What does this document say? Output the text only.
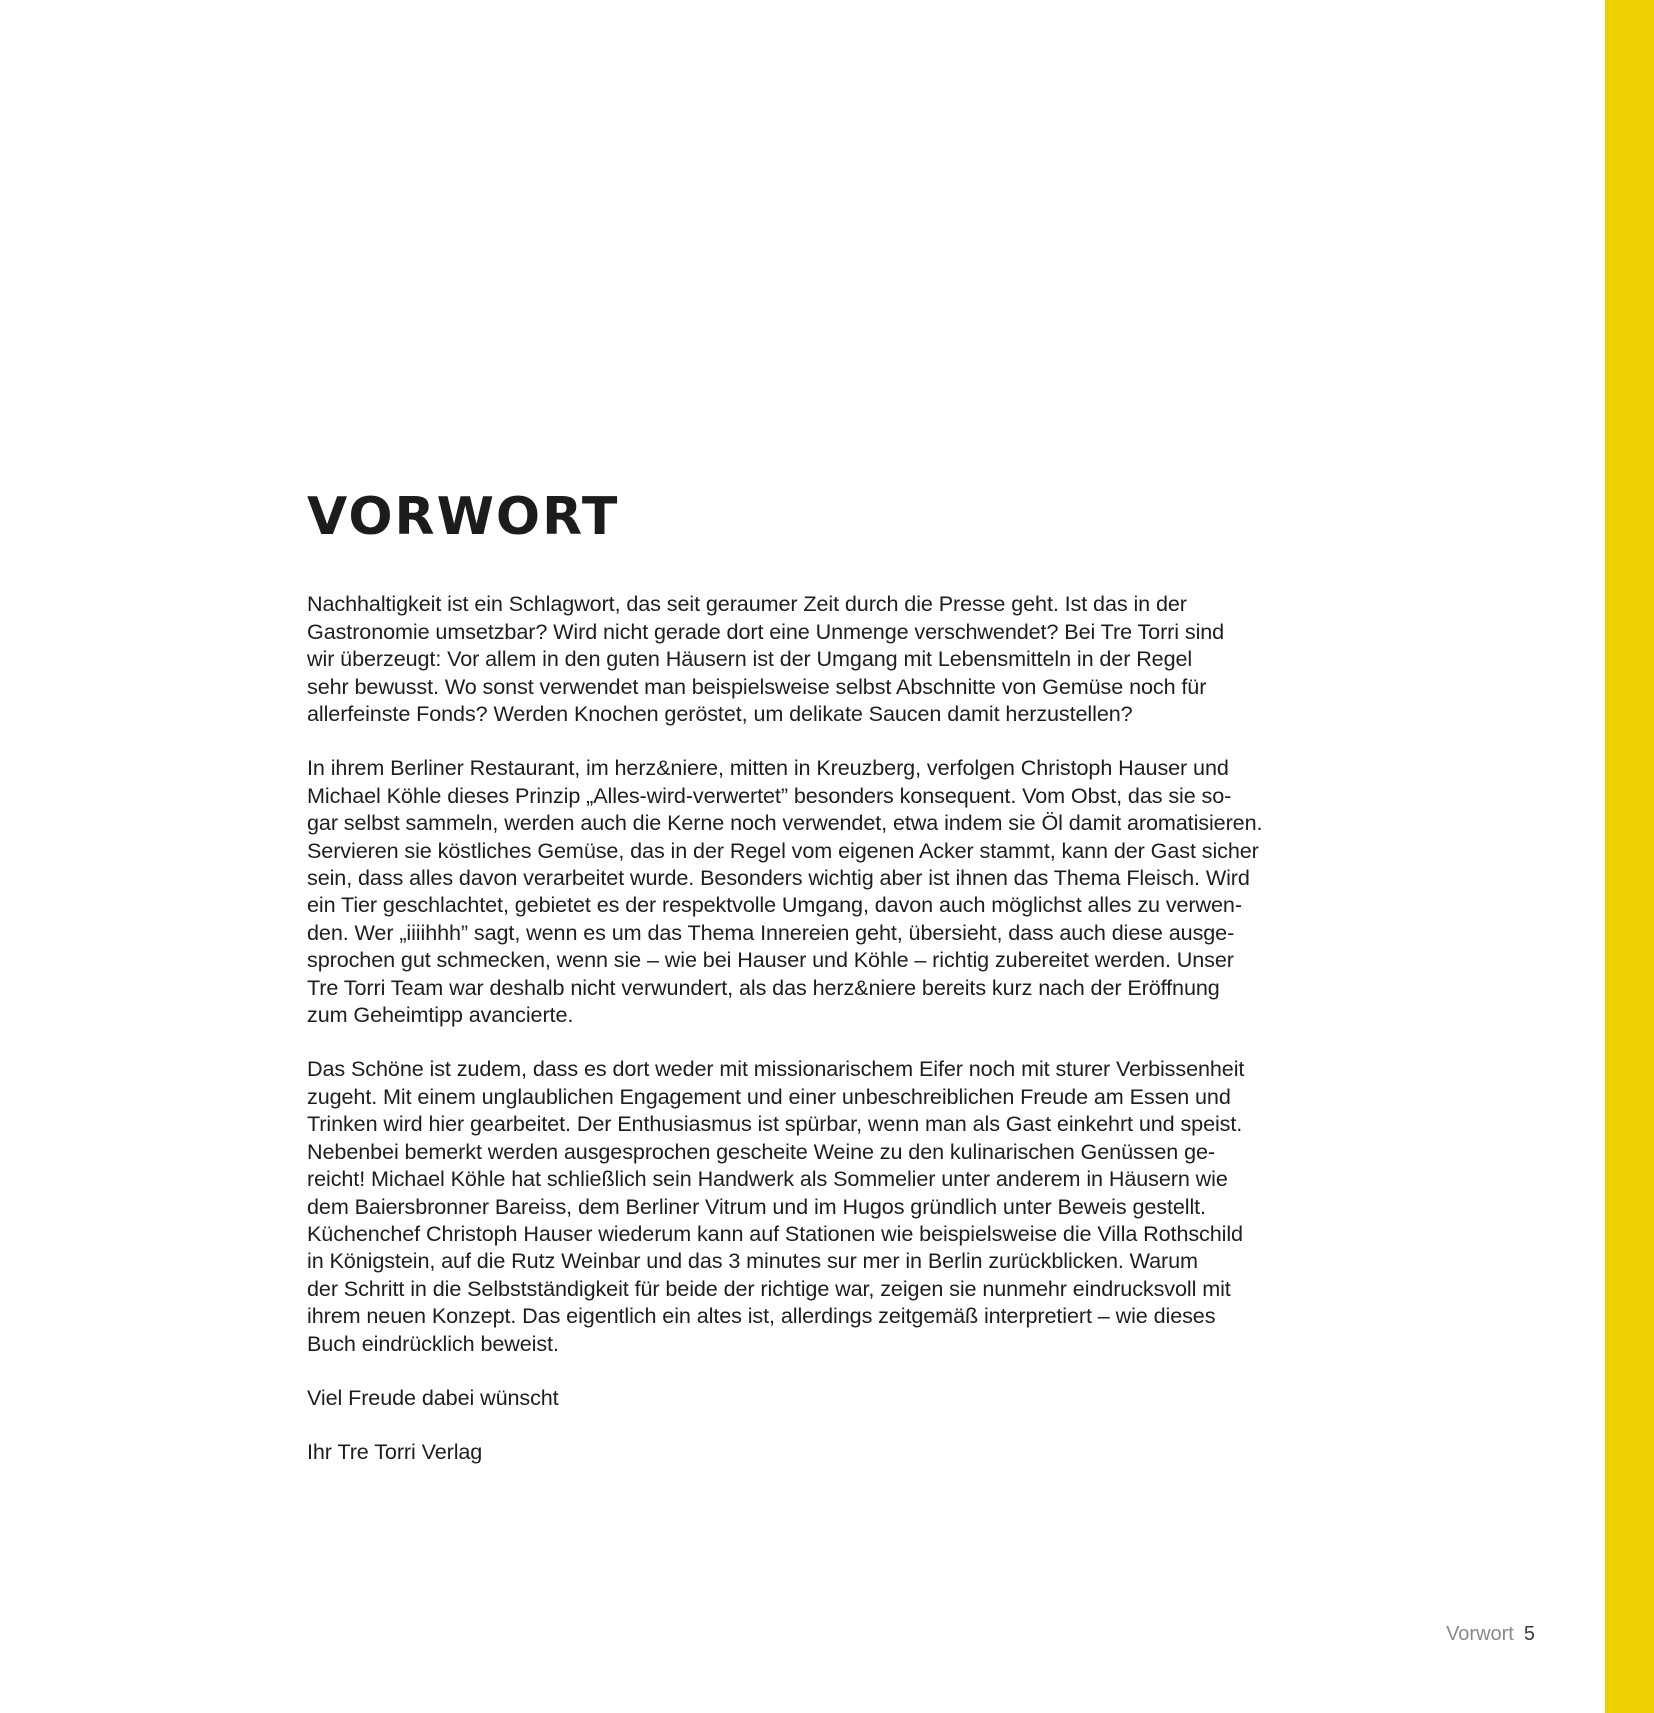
VORWORT

Nachhaltigkeit ist ein Schlagwort, das seit geraumer Zeit durch die Presse geht. Ist das in der
Gastronomie umsetzbar? Wird nicht gerade dort eine Unmenge verschwendet? Bei Tre Torri sind
wir überzeugt: Vor allem in den guten Häusern ist der Umgang mit Lebensmitteln in der Regel
sehr bewusst. Wo sonst verwendet man beispielsweise selbst Abschnitte von Gemüse noch für
allerfeinste Fonds? Werden Knochen geröstet, um delikate Saucen damit herzustellen?

In ihrem Berliner Restaurant, im herz&niere, mitten in Kreuzberg, verfolgen Christoph Hauser und
Michael Köhle dieses Prinzip „Alles-wird-verwertet” besonders konsequent. Vom Obst, das sie so-
gar selbst sammeln, werden auch die Kerne noch verwendet, etwa indem sie Öl damit aromatisieren.
Servieren sie köstliches Gemüse, das in der Regel vom eigenen Acker stammt, kann der Gast sicher
sein, dass alles davon verarbeitet wurde. Besonders wichtig aber ist ihnen das Thema Fleisch. Wird
ein Tier geschlachtet, gebietet es der respektvolle Umgang, davon auch möglichst alles zu verwen-
den. Wer „iiiihhh” sagt, wenn es um das Thema Innereien geht, übersieht, dass auch diese ausge-
sprochen gut schmecken, wenn sie – wie bei Hauser und Köhle – richtig zubereitet werden. Unser
Tre Torri Team war deshalb nicht verwundert, als das herz&niere bereits kurz nach der Eröffnung
zum Geheimtipp avancierte.

Das Schöne ist zudem, dass es dort weder mit missionarischem Eifer noch mit sturer Verbissenheit
zugeht. Mit einem unglaublichen Engagement und einer unbeschreiblichen Freude am Essen und
Trinken wird hier gearbeitet. Der Enthusiasmus ist spürbar, wenn man als Gast einkehrt und speist.
Nebenbei bemerkt werden ausgesprochen gescheite Weine zu den kulinarischen Genüssen ge-
reicht! Michael Köhle hat schließlich sein Handwerk als Sommelier unter anderem in Häusern wie
dem Baiersbronner Bareiss, dem Berliner Vitrum und im Hugos gründlich unter Beweis gestellt.
Küchenchef Christoph Hauser wiederum kann auf Stationen wie beispielsweise die Villa Rothschild
in Königstein, auf die Rutz Weinbar und das 3 minutes sur mer in Berlin zurückblicken. Warum
der Schritt in die Selbstständigkeit für beide der richtige war, zeigen sie nunmehr eindrucksvoll mit
ihrem neuen Konzept. Das eigentlich ein altes ist, allerdings zeitgemäß interpretiert – wie dieses
Buch eindrücklich beweist.

Viel Freude dabei wünscht

Ihr Tre Torri Verlag

Vorwort 5
